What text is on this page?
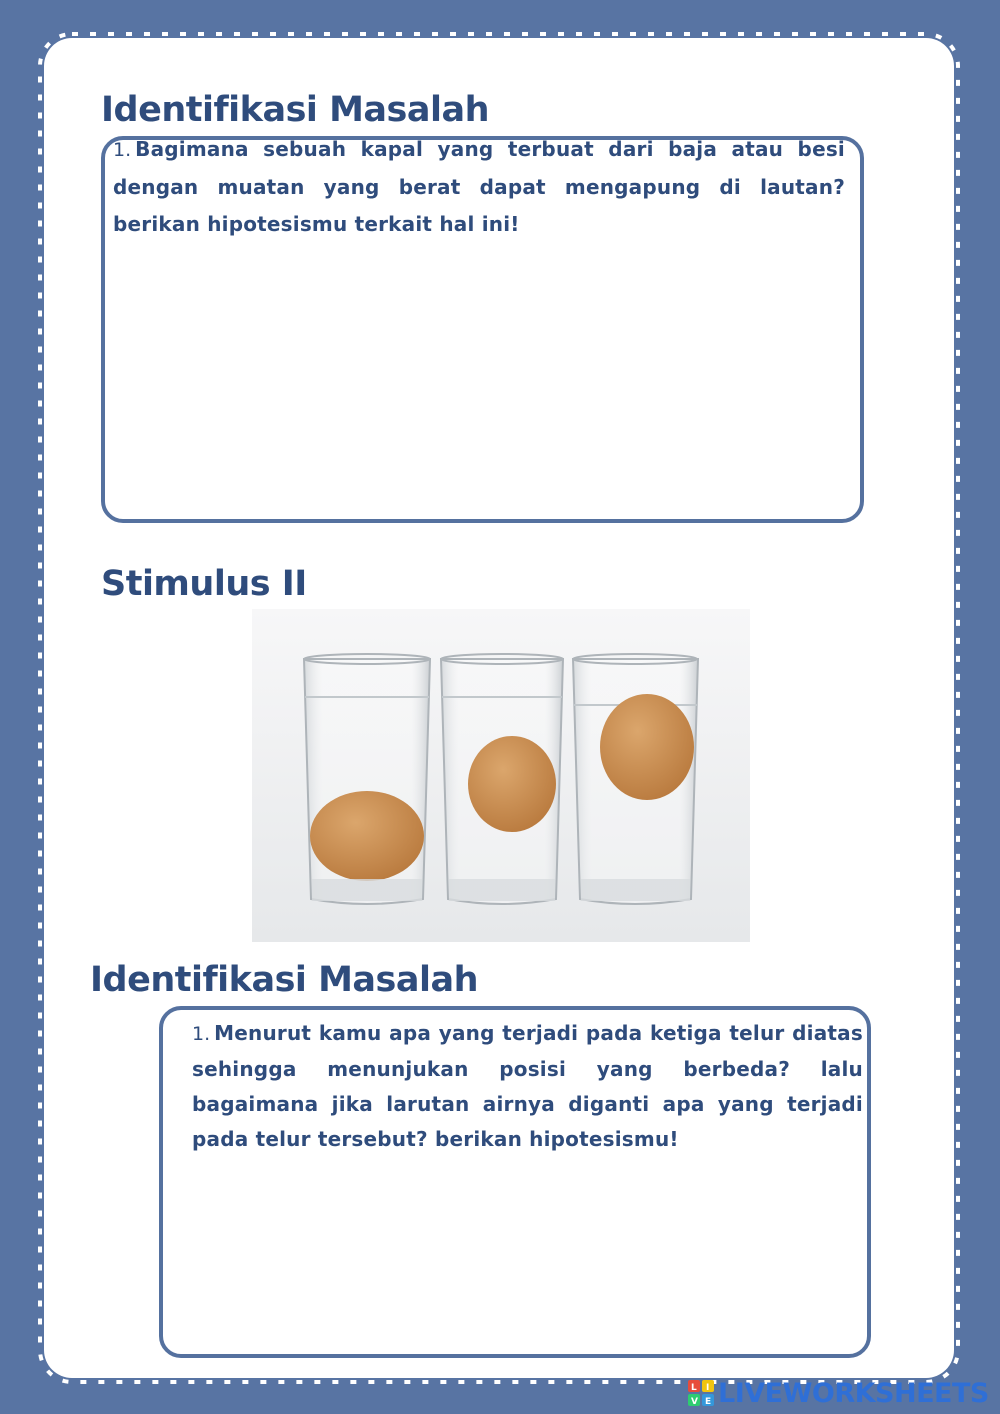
Identifikasi Masalah

1. Bagimana sebuah kapal yang terbuat dari baja atau besi dengan muatan yang berat dapat mengapung di lautan? berikan hipotesismu terkait hal ini!

Stimulus II
Identifikasi Masalah

1. Menurut kamu apa yang terjadi pada ketiga telur diatas sehingga menunjukan posisi yang berbeda? lalu bagaimana jika larutan airnya diganti apa yang terjadi pada telur tersebut? berikan hipotesismu!

L I
V E LIVEWORKSHEETS
